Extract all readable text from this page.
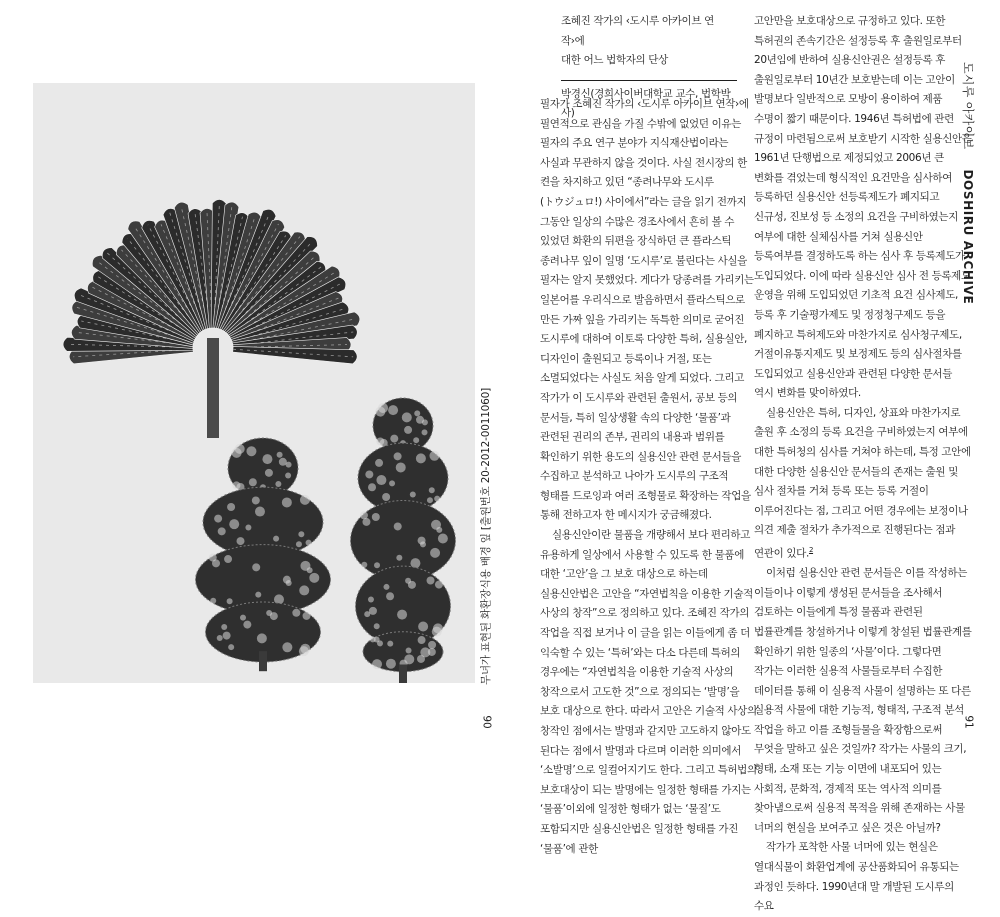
무녀가 표현된 화환장식용 배경 잎 [출원번호 20-2012-0011060]
90

조혜진 작가의 ‹도시루 아카이브 연작›에

대한 어느 법학자의 단상

박경신(경희사이버대학교 교수, 법학박사)

필자가 조혜진 작가의 ‹도시루 아카이브 연작›에 필연적으로 관심을 가질 수밖에 없었던 이유는 필자의 주요 연구 분야가 지식재산법이라는 사실과 무관하지 않을 것이다. 사실 전시장의 한 켠을 차지하고 있던 “종려나무와 도시루(トウジュロ!) 사이에서”라는 글을 읽기 전까지 그동안 일상의 수많은 경조사에서 흔히 볼 수 있었던 화환의 뒤편을 장식하던 큰 플라스틱 종려나무 잎이 일명 ‘도시루’로 불린다는 사실을 필자는 알지 못했었다. 게다가 당종려를 가리키는 일본어를 우리식으로 발음하면서 플라스틱으로 만든 가짜 잎을 가리키는 독특한 의미로 굳어진 도시루에 대하여 이토록 다양한 특허, 실용실안, 디자인이 출원되고 등록이나 거절, 또는 소멸되었다는 사실도 처음 알게 되었다. 그리고 작가가 이 도시루와 관련된 출원서, 공보 등의 문서들, 특히 일상생활 속의 다양한 ‘물품’과 관련된 권리의 존부, 권리의 내용과 범위를 확인하기 위한 용도의 실용신안 관련 문서들을 수집하고 분석하고 나아가 도시루의 구조적 형태를 드로잉과 여러 조형물로 확장하는 작업을 통해 전하고자 한 메시지가 궁금해졌다.

실용신안이란 물품을 개량해서 보다 편리하고 유용하게 일상에서 사용할 수 있도록 한 물품에 대한 ‘고안’을 그 보호 대상으로 하는데 실용신안법은 고안을 “자연법칙을 이용한 기술적 사상의 창작”으로 정의하고 있다. 조혜진 작가의 작업을 직접 보거나 이 글을 읽는 이들에게 좀 더 익숙할 수 있는 ‘특허’와는 다소 다른데 특허의 경우에는 “자연법칙을 이용한 기술적 사상의 창작으로서 고도한 것”으로 정의되는 ‘발명’을 보호 대상으로 한다. 따라서 고안은 기술적 사상의 창작인 점에서는 발명과 같지만 고도하지 않아도 된다는 점에서 발명과 다르며 이러한 의미에서 ‘소발명’으로 일컬어지기도 한다. 그리고 특허법의 보호대상이 되는 발명에는 일정한 형태를 가지는 ‘물품’이외에 일정한 형태가 없는 ‘물질’도 포함되지만 실용신안법은 일정한 형태를 가진 ‘물품’에 관한

고안만을 보호대상으로 규정하고 있다. 또한 특허권의 존속기간은 설정등록 후 출원일로부터 20년임에 반하여 실용신안권은 설정등록 후 출원일로부터 10년간 보호받는데 이는 고안이 발명보다 일반적으로 모방이 용이하여 제품 수명이 짧기 때문이다. 1946년 특허법에 관련 규정이 마련됨으로써 보호받기 시작한 실용신안은 1961년 단행법으로 제정되었고 2006년 큰 변화를 겪었는데 형식적인 요건만을 심사하여 등록하던 실용신안 선등록제도가 폐지되고 신규성, 진보성 등 소정의 요건을 구비하였는지 여부에 대한 실체심사를 거쳐 실용신안 등록여부를 결정하도록 하는 심사 후 등록제도가 도입되었다. 이에 따라 실용신안 심사 전 등록제도 운영을 위해 도입되었던 기초적 요건 심사제도, 등록 후 기술평가제도 및 정정청구제도 등을 폐지하고 특허제도와 마찬가지로 심사청구제도, 거절이유통지제도 및 보정제도 등의 심사절차를 도입되었고 실용신안과 관련된 다양한 문서들 역시 변화를 맞이하였다.

실용신안은 특허, 디자인, 상표와 마찬가지로 출원 후 소정의 등록 요건을 구비하였는지 여부에 대한 특허청의 심사를 거쳐야 하는데, 특정 고안에 대한 다양한 실용신안 문서들의 존재는 출원 및 심사 절차를 거쳐 등록 또는 등록 거절이 이루어진다는 점, 그리고 어떤 경우에는 보정이나 의견 제출 절차가 추가적으로 진행된다는 점과 연관이 있다.$^2$

이처럼 실용신안 관련 문서들은 이를 작성하는 이들이나 이렇게 생성된 문서들을 조사해서 검토하는 이들에게 특정 물품과 관련된 법률관계를 창설하거나 이렇게 창설된 법률관계를 확인하기 위한 일종의 ‘사물’이다. 그렇다면 작가는 이러한 실용적 사물들로부터 수집한 데이터를 통해 이 실용적 사물이 설명하는 또 다른 실용적 사물에 대한 기능적, 형태적, 구조적 분석 작업을 하고 이를 조형들물을 확장함으로써 무엇을 말하고 싶은 것일까? 작가는 사물의 크기, 형태, 소재 또는 기능 이면에 내포되어 있는 사회적, 문화적, 경제적 또는 역사적 의미를 찾아냄으로써 실용적 목적을 위해 존재하는 사물 너머의 현실을 보여주고 싶은 것은 아닐까?

작가가 포착한 사물 너머에 있는 현실은 열대식물이 화환업계에 공산품화되어 유통되는 과정인 듯하다. 1990년대 말 개발된 도시루의 수요

도시루 아카이브 DOSHIRU ARCHIVE
91
